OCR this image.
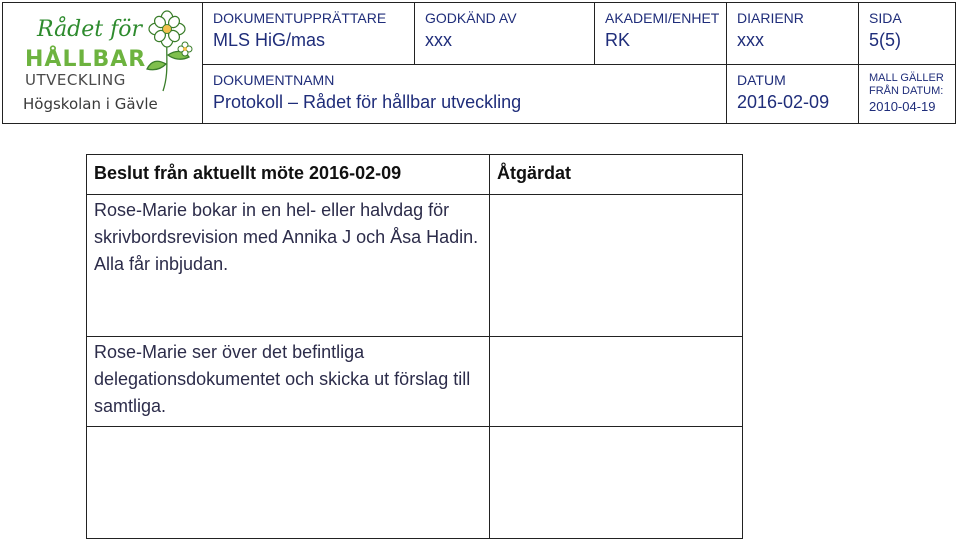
Rådet för
HÅLLBAR
UTVECKLING
Högskolan i Gävle
DOKUMENTUPPRÄTTARE
MLS HiG/mas
GODKÄND AV
xxx
AKADEMI/ENHET
RK
DIARIENR
xxx
SIDA
5(5)
DOKUMENTNAMN
Protokoll – Rådet för hållbar utveckling
DATUM
2016-02-09
MALL GÄLLER
FRÅN DATUM:
2010-04-19
Beslut från aktuellt möte 2016-02-09	Åtgärdat
Rose-Marie bokar in en hel- eller halvdag för skrivbordsrevision med Annika J och Åsa Hadin. Alla får inbjudan.	
Rose-Marie ser över det befintliga delegationsdokumentet och skicka ut förslag till samtliga.	
